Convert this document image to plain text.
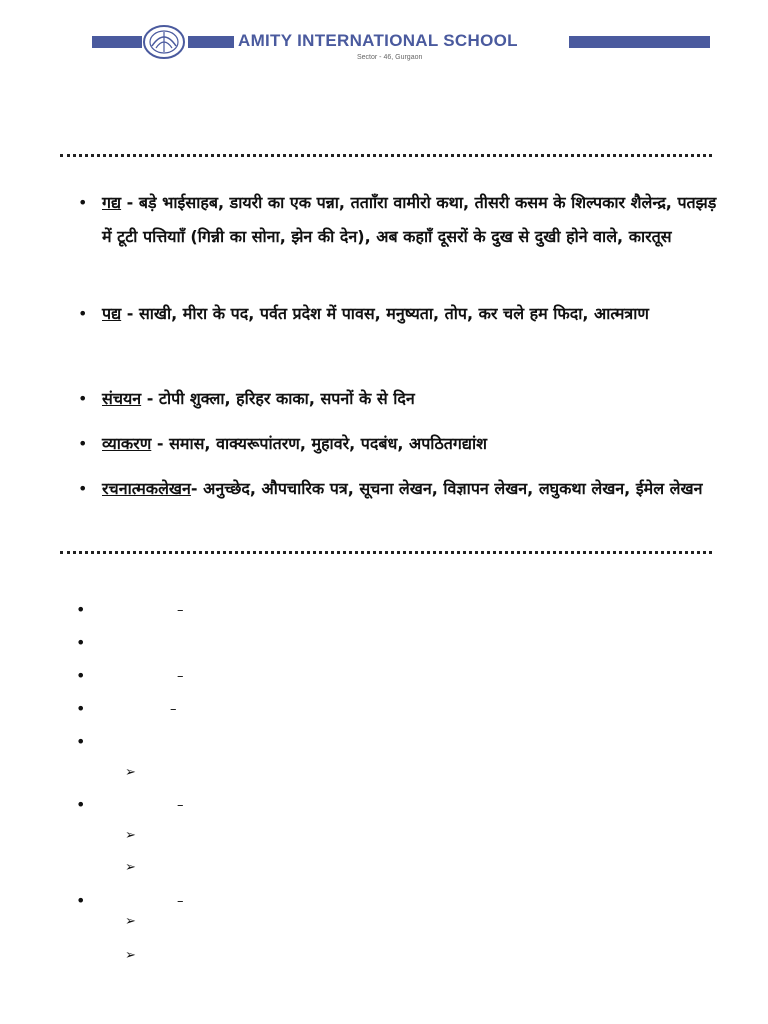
AMITY INTERNATIONAL SCHOOL
Sector - 46, Gurgaon
• गद्य - बड़े भाईसाहब, डायरी का एक पन्ना, ततााँरा वामीरो कथा, तीसरी कसम के शिल्पकार शैलेन्द्र, पतझड़ में टूटी पत्तियााँ (गिन्नी का सोना, झेन की देन), अब कहााँ दूसरों के दुख से दुखी होने वाले, कारतूस
• पद्य - साखी, मीरा के पद, पर्वत प्रदेश में पावस, मनुष्यता, तोप, कर चले हम फिदा, आत्मत्राण
• संचयन - टोपी शुक्ला, हरिहर काका, सपनों के से दिन
• व्याकरण - समास, वाक्यरूपांतरण, मुहावरे, पदबंध, अपठितगद्यांश
• रचनात्मकलेखन- अनुच्छेद, औपचारिक पत्र, सूचना लेखन, विज्ञापन लेखन, लघुकथा लेखन, ईमेल लेखन
•	–
•
•	–
•	–
•
➢
•	–
➢
➢
•	–
➢
➢
